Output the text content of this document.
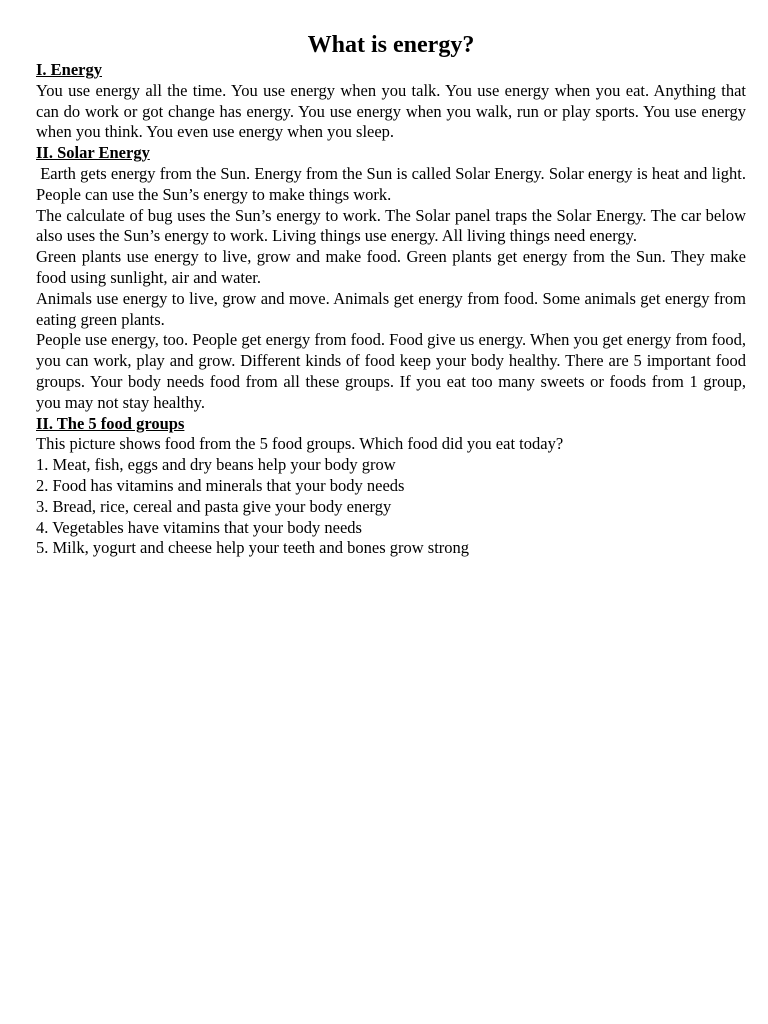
What is energy?
I. Energy

You use energy all the time. You use energy when you talk. You use energy when you eat. Anything that can do work or got change has energy. You use energy when you walk, run or play sports. You use energy when you think. You even use energy when you sleep.

II. Solar Energy

Earth gets energy from the Sun. Energy from the Sun is called Solar Energy. Solar energy is heat and light. People can use the Sun’s energy to make things work.

The calculate of bug uses the Sun’s energy to work. The Solar panel traps the Solar Energy. The car below also uses the Sun’s energy to work. Living things use energy. All living things need energy.

Green plants use energy to live, grow and make food. Green plants get energy from the Sun. They make food using sunlight, air and water.

Animals use energy to live, grow and move. Animals get energy from food. Some animals get energy from eating green plants.

People use energy, too. People get energy from food. Food give us energy. When you get energy from food, you can work, play and grow. Different kinds of food keep your body healthy. There are 5 important food groups. Your body needs food from all these groups. If you eat too many sweets or foods from 1 group, you may not stay healthy.

II. The 5 food groups

This picture shows food from the 5 food groups. Which food did you eat today?

1. Meat, fish, eggs and dry beans help your body grow
2. Food has vitamins and minerals that your body needs
3. Bread, rice, cereal and pasta give your body energy
4. Vegetables have vitamins that your body needs
5. Milk, yogurt and cheese help your teeth and bones grow strong
